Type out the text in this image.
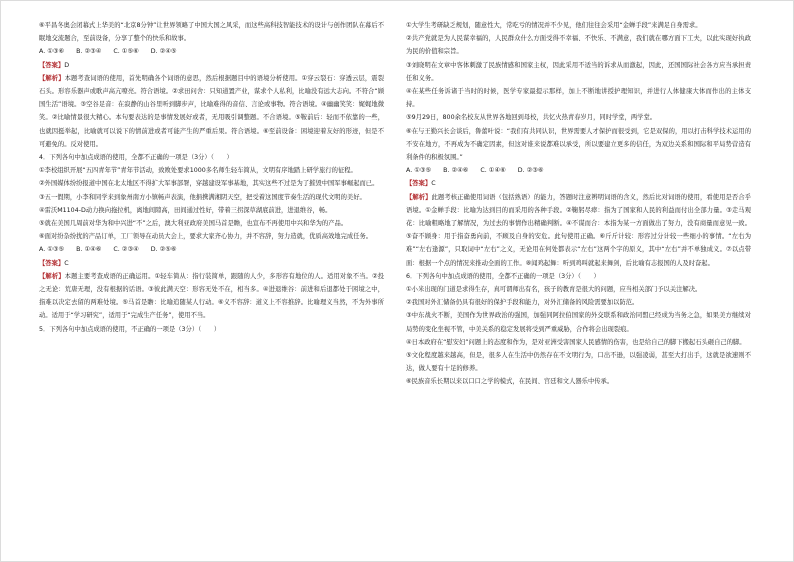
⑥平昌冬奥会闭幕式上华美的“北京8分钟”让世界领略了中国大国之风采，而这些高科技智能技术的设计与创作团队在幕后不眠地交流题合，至前设备，分享了整个的快乐和故事。

A. ①③⑥ B. ②③④ C. ①⑤⑥ D. ②④⑤

【答案】D

【解析】本题考查词语的使用，首先明确各个词语的意思，然后根据题目中的语境分析使用。①穿云裂石：穿透云层，震裂石头。形容乐器声或歌声高亢嘹亮。符合语境。②求田问舍：只知道置产业，谋求个人私利，比喻没有远大志向。不符合“顾国生活”语境。③空谷足音：在寂静的山谷里听到脚步声，比喻难得的音信、言论或事物。符合语境。④幽幽笑笑：娓娓地微笑。②比喻情景很大精心。本句要表达的是事情发展好或者，无用吸引调整题。不合语境。⑤鞍前后：轻而不依靠的一些，也就因挺举起，比喻就可以说下的情前进或者可能产生的严重后果。符合语境。⑥至前设备：困境迎着友好的形迹，但是不可避免的。反对使用。

4．下列各句中加点成语的使用，全都不正确的一项是（3分）（　　）

①李校组织开展“五四青年节”青年节活动，致败处要求1000多名师生轻车简从，文明有序地踏上研学旅行的征程。

②外国媒体纷纷报道中国在北太地区不得扩大军事部署，穿越建设军事基地，其实这些不过是为了摧毁中国军事崛起而已。

③五一假期，小李和同学来到象州南方小镇畅声表演，他捐携满湘阴天空，把受着这国度节奏生活的现代文明的美好。

④雷沃M1104-D动力换向拖拉机，离地间隙高，田间通过性好，带着三拐深草湖底前进，进退维谷，畅。

⑤就在美国几周前对华为和中兴进“不”之后，澳大利亚政府美国马首是瞻，也宣布不再使用中兴和华为的产品。

⑥面对纷杂纷扰的产品订单，工厂领导在动员大会上，要求大家齐心协力，并不容辞，努力造就，优质高效地完成任务。

A. ①③⑤ B. ①④⑥ C. ②③④ D. ②⑤⑥

【答案】C

【解析】本题主要考查成语的正确运用。①轻车简从：指行装简单，跟随的人少，多形容有地位的人。适用对象不当。②投之无论：荒唐无理，没有根据的话语。③彼此满天空：形容无处不在，相当多。④进退维谷：前进和后退都处于困境之中，指难以决定去留的两难处境。⑤马首是瞻：比喻追随某人行动。⑥义不容辞：道义上不容推辞。比喻理义当然，不为外事所动。适用于“学习研究”，适用于“完成生产任务”，使用不当。

5．下列各句中加点成语的使用，不正确的一项是（3分）（　　）

①大学生考研缺乏规划，随意性大，常吃亏的情况并不少见，他们往往会采用“金蝉手段”来满足自身需求。

②共产党就是为人民谋幸福的，人民群众什么方面受得不幸福、不快乐、不满意，我们就在哪方面下工夫，以此实现好执政为民的价值和宗旨。

③刘晓明在文章中客体刺激了民族情感和国家主权，因此采用不适当的诉求从而激起，因此，还国国际社会各方应当承担责任和义务。

④在某些任务诉诸于当时的时候，医学专家最提示那样，加上不断地讲授护理知识，并进行人体健康大体而作出的主体支持。

⑤9月29日，800余名校友从世界各地回到母校，共忆火热青春岁月，同时学堂，两学堂。

⑥在与王勤兴长会谈后，鲁蕾叶说：“我们有共同认识，世界需要人才保护而很受到，它是双保的，用以打击科学技术运用的不安在地方，不再成为不确定因素，但这对谁来说都难以承受，所以要建立更多的信任，为双边关系和国际和平局势营造有利条件的积极氛围。”

A. ①③⑤ B. ②④⑥ C. ①④⑥ D. ②③⑥

【答案】C

【解析】此题考核正确使用词语（包括熟语）的能力，答题时注意辨明词语的含义，然后比对词语的使用，看使用是否合乎语境。①金蝉手段：比喻为达到目的而采用的各种手段。②鞠躬尽瘁：指为了国家和人民的利益而付出全部力量。③走马观花：比喻粗略地了解情况，为过去的事情作出精确判断。④不谋而合：本指为某一方面做出了努力，没有商量而意见一致。⑤奋不顾身：用于指奋勇向前，不顾及自身的安危。此句使用正确。⑥斤斤计较：形容过分计较一些细小的事情。“左右为难”“左右逢源”，只取词中“左右”之义，无论用在何处都表示“左右”这两个字的原义，其中“左右”并不单独成义。⑦以点带面：根据一个点的情况来推动全面的工作。⑧闻鸡起舞：听到鸡叫就起来舞剑，后比喻有志报国的人及时奋起。

6．下列各句中加点成语的使用，全都不正确的一项是（3分）（　　）

①小米出现的门道是求得生存，真可谓师出有名，孩子的教育是很大的问题，应当相关部门予以关注解决。

②我国对外汇储备仍具有很好的保护手段和能力，对外汇储备的风险需要加以防范。

③中东战火不断，美国作为世界政治的强国，加强同阿拉伯国家的外交联系和政治同盟已经成为当务之急，如果美方继续对局势的变化坐视不管，中美关系的稳定发展将受到严重威胁，合作将会出现裂痕。

④日本政府在“慰安妇”问题上的态度和作为，是对亚洲受害国家人民感情的伤害，也是给自己的脚下搬起石头砸自己的脚。

⑤文化程度越来越高，但是，很多人在生活中仍然存在不文明行为，口出不逊，以强凌弱，甚至大打出手，这就是欲速则不达，做人要有十足的修养。

⑥民族音乐长期以来以口口之学的模式，在民间、宫廷和文人器乐中传承。
